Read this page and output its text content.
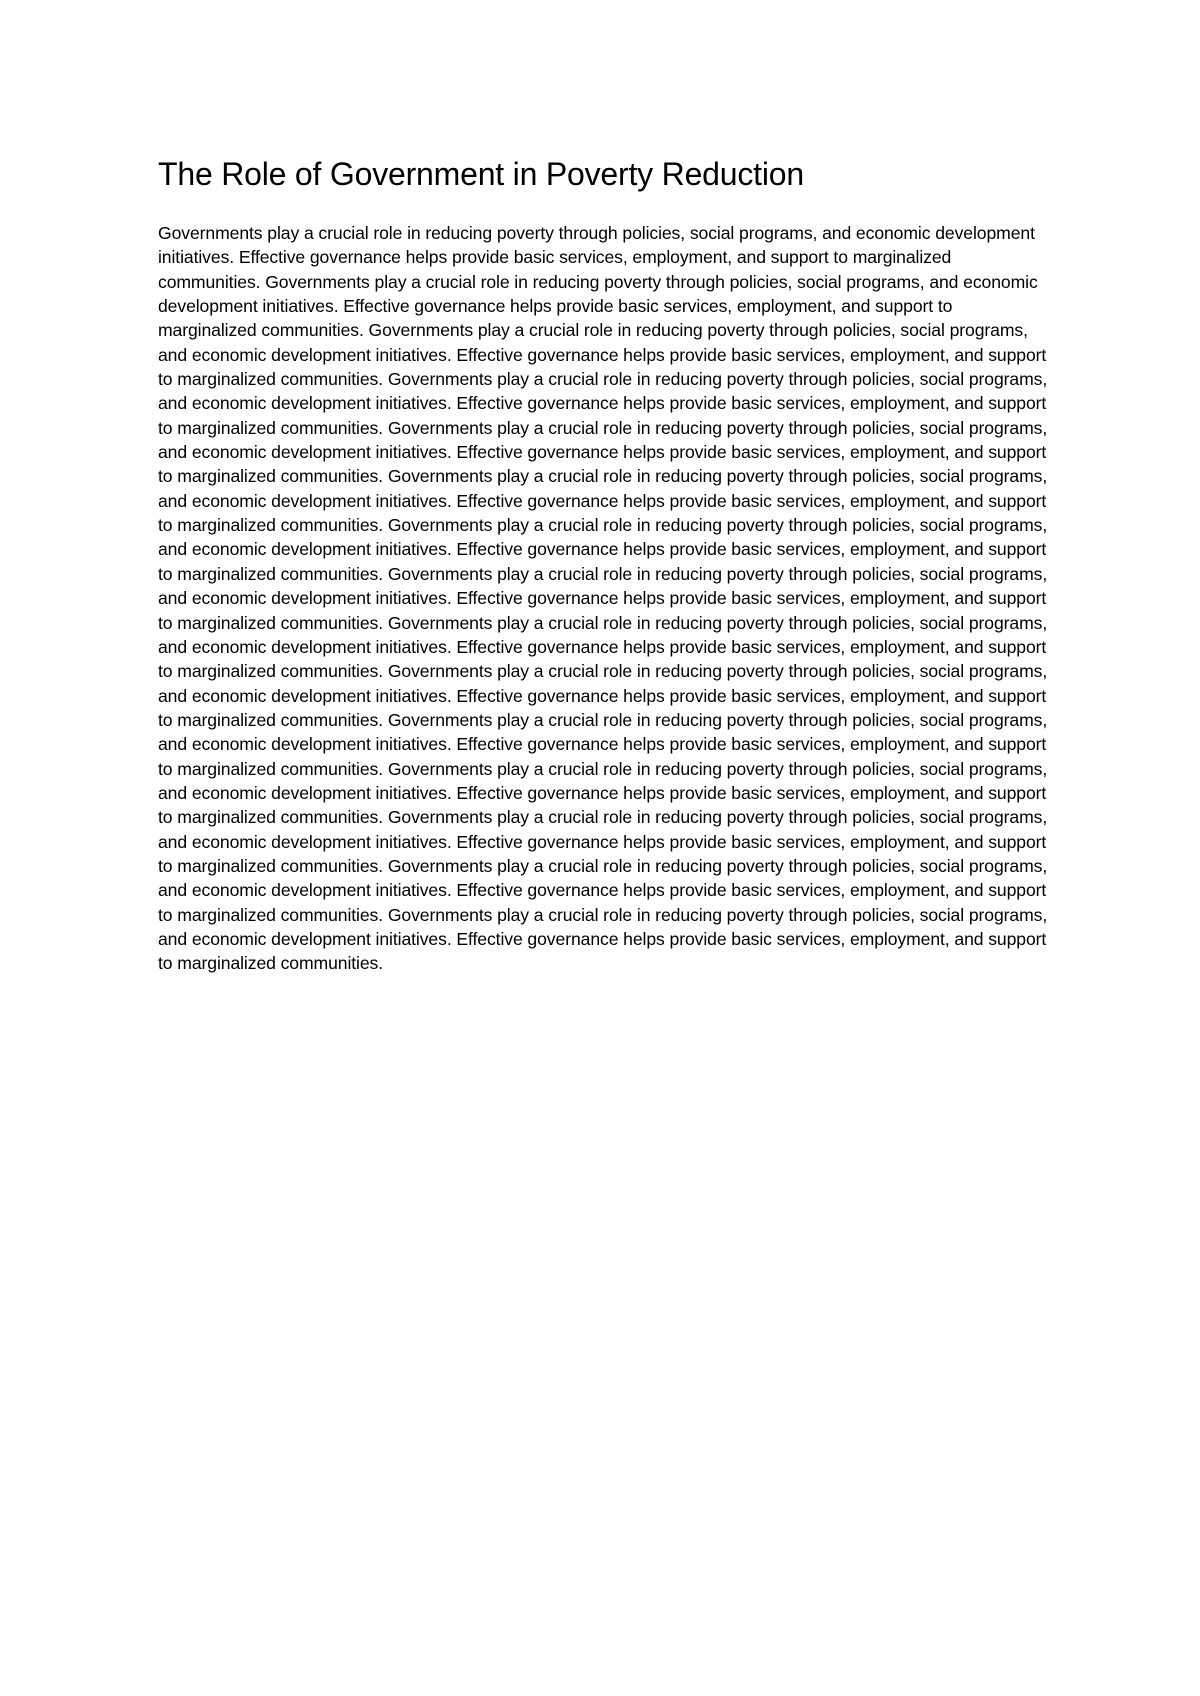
The Role of Government in Poverty Reduction

Governments play a crucial role in reducing poverty through policies, social programs, and economic development initiatives. Effective governance helps provide basic services, employment, and support to marginalized communities. Governments play a crucial role in reducing poverty through policies, social programs, and economic development initiatives. Effective governance helps provide basic services, employment, and support to marginalized communities. Governments play a crucial role in reducing poverty through policies, social programs, and economic development initiatives. Effective governance helps provide basic services, employment, and support to marginalized communities. Governments play a crucial role in reducing poverty through policies, social programs, and economic development initiatives. Effective governance helps provide basic services, employment, and support to marginalized communities. Governments play a crucial role in reducing poverty through policies, social programs, and economic development initiatives. Effective governance helps provide basic services, employment, and support to marginalized communities. Governments play a crucial role in reducing poverty through policies, social programs, and economic development initiatives. Effective governance helps provide basic services, employment, and support to marginalized communities. Governments play a crucial role in reducing poverty through policies, social programs, and economic development initiatives. Effective governance helps provide basic services, employment, and support to marginalized communities. Governments play a crucial role in reducing poverty through policies, social programs, and economic development initiatives. Effective governance helps provide basic services, employment, and support to marginalized communities. Governments play a crucial role in reducing poverty through policies, social programs, and economic development initiatives. Effective governance helps provide basic services, employment, and support to marginalized communities. Governments play a crucial role in reducing poverty through policies, social programs, and economic development initiatives. Effective governance helps provide basic services, employment, and support to marginalized communities. Governments play a crucial role in reducing poverty through policies, social programs, and economic development initiatives. Effective governance helps provide basic services, employment, and support to marginalized communities. Governments play a crucial role in reducing poverty through policies, social programs, and economic development initiatives. Effective governance helps provide basic services, employment, and support to marginalized communities. Governments play a crucial role in reducing poverty through policies, social programs, and economic development initiatives. Effective governance helps provide basic services, employment, and support to marginalized communities. Governments play a crucial role in reducing poverty through policies, social programs, and economic development initiatives. Effective governance helps provide basic services, employment, and support to marginalized communities. Governments play a crucial role in reducing poverty through policies, social programs, and economic development initiatives. Effective governance helps provide basic services, employment, and support to marginalized communities.
